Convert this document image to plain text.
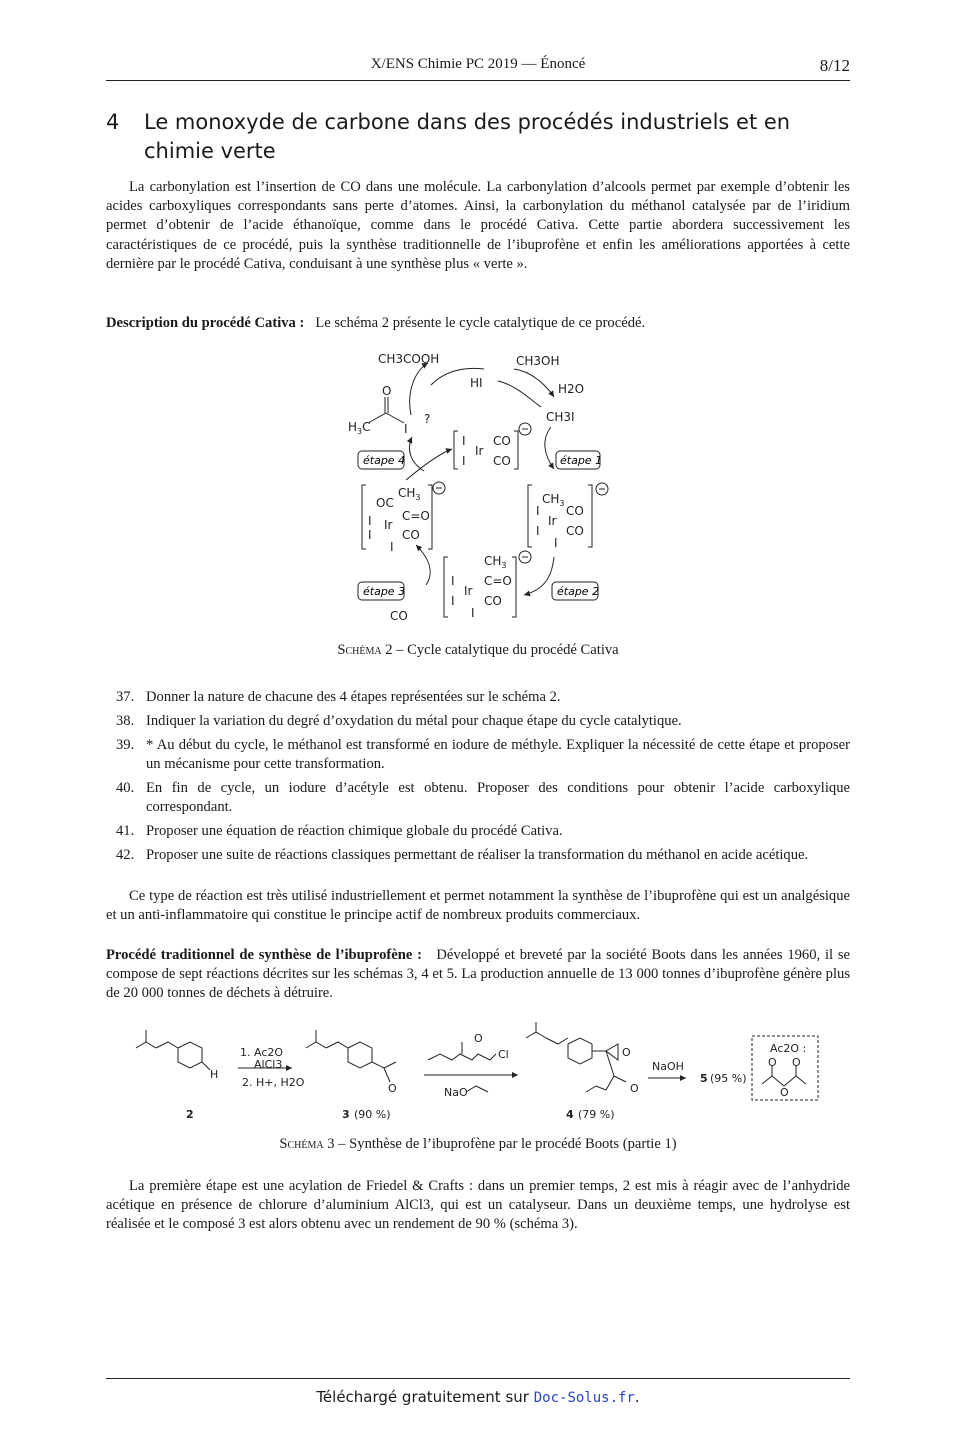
X/ENS Chimie PC 2019 — Énoncé	8/12
4 Le monoxyde de carbone dans des procédés industriels et en chimie verte
La carbonylation est l’insertion de CO dans une molécule. La carbonylation d’alcools permet par exemple d’obtenir les acides carboxyliques correspondants sans perte d’atomes. Ainsi, la carbonylation du méthanol catalysée par de l’iridium permet d’obtenir de l’acide éthanoïque, comme dans le procédé Cativa. Cette partie abordera successivement les caractéristiques de ce procédé, puis la synthèse traditionnelle de l’ibuprofène et enfin les améliorations apportées à cette dernière par le procédé Cativa, conduisant à une synthèse plus « verte ».
Description du procédé Cativa : Le schéma 2 présente le cycle catalytique de ce procédé.
CH3COOH
HI
CH3OH
H2O
CH3I
?
CO
$H_3C$
O
I
I
I
Ir
CO
CO	étape 1
$CH_3$
I
I
Ir
CO
CO
I
étape 2
$CH_3$
I
I
Ir
C=O
CO
I
étape 3
$CH_3$
OC
I
I
Ir
C=O
CO
I
étape 4
Schéma 2 – Cycle catalytique du procédé Cativa
37. Donner la nature de chacune des 4 étapes représentées sur le schéma 2.
38. Indiquer la variation du degré d’oxydation du métal pour chaque étape du cycle catalytique.
39. * Au début du cycle, le méthanol est transformé en iodure de méthyle. Expliquer la nécessité de cette étape et proposer un mécanisme pour cette transformation.
40. En fin de cycle, un iodure d’acétyle est obtenu. Proposer des conditions pour obtenir l’acide carboxylique correspondant.
41. Proposer une équation de réaction chimique globale du procédé Cativa.
42. Proposer une suite de réactions classiques permettant de réaliser la transformation du méthanol en acide acétique.
Ce type de réaction est très utilisé industriellement et permet notamment la synthèse de l’ibuprofène qui est un analgésique et un anti-inflammatoire qui constitue le principe actif de nombreux produits commerciaux.
Procédé traditionnel de synthèse de l’ibuprofène : Développé et breveté par la société Boots dans les années 1960, il se compose de sept réactions décrites sur les schémas 3, 4 et 5. La production annuelle de 13 000 tonnes d’ibuprofène génère plus de 20 000 tonnes de déchets à détruire.
H
1. Ac2O
AlCl3
2. H+, H2O	O
O
Cl
NaO
O
O
NaOH
Ac2O :
O O
O
5 (95 %)
2	3 (90 %)	4 (79 %)
Schéma 3 – Synthèse de l’ibuprofène par le procédé Boots (partie 1)
La première étape est une acylation de Friedel & Crafts : dans un premier temps, 2 est mis à réagir avec de l’anhydride acétique en présence de chlorure d’aluminium AlCl3, qui est un catalyseur. Dans un deuxième temps, une hydrolyse est réalisée et le composé 3 est alors obtenu avec un rendement de 90 % (schéma 3).
Téléchargé gratuitement sur Doc-Solus.fr.
